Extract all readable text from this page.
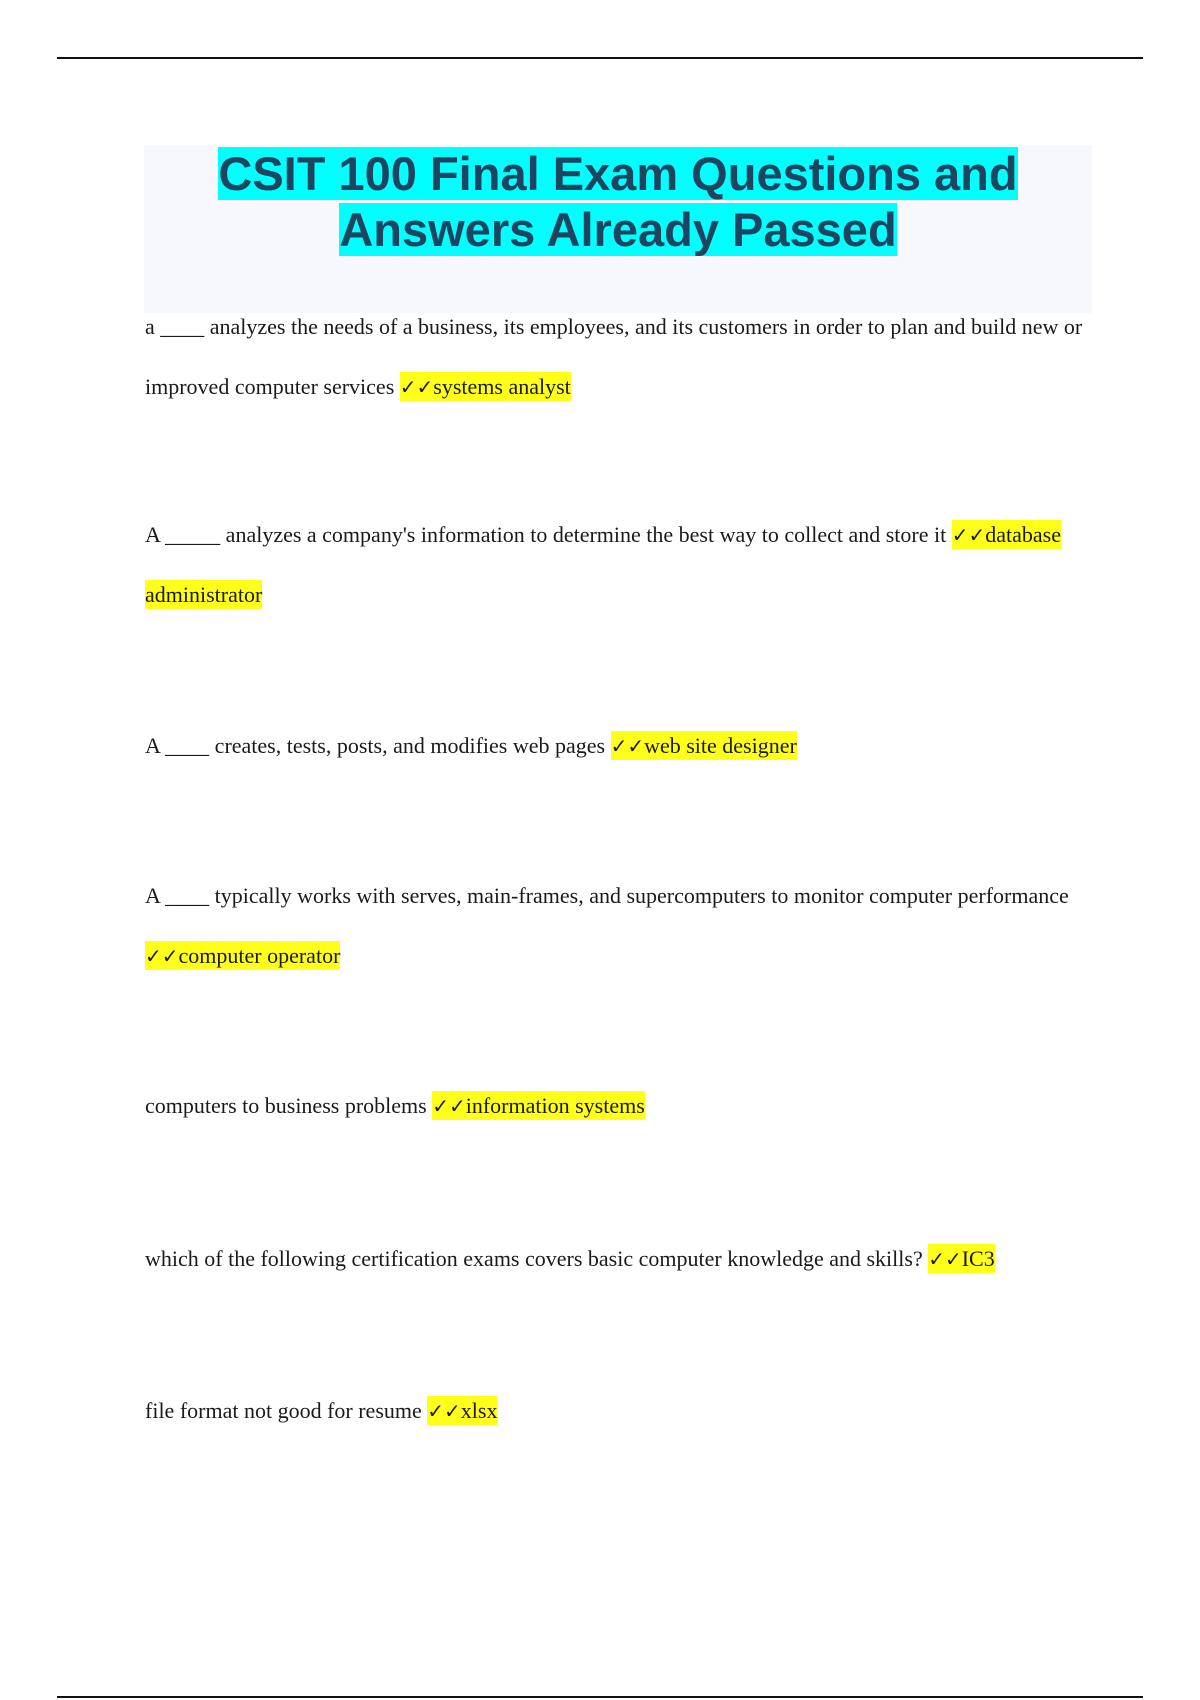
CSIT 100 Final Exam Questions and Answers Already Passed

a ____ analyzes the needs of a business, its employees, and its customers in order to plan and build new or improved computer services ✓✓systems analyst

A _____ analyzes a company's information to determine the best way to collect and store it ✓✓database administrator

A ____ creates, tests, posts, and modifies web pages ✓✓web site designer

A ____ typically works with serves, main-frames, and supercomputers to monitor computer performance ✓✓computer operator

computers to business problems ✓✓information systems

which of the following certification exams covers basic computer knowledge and skills? ✓✓IC3

file format not good for resume ✓✓xlsx
